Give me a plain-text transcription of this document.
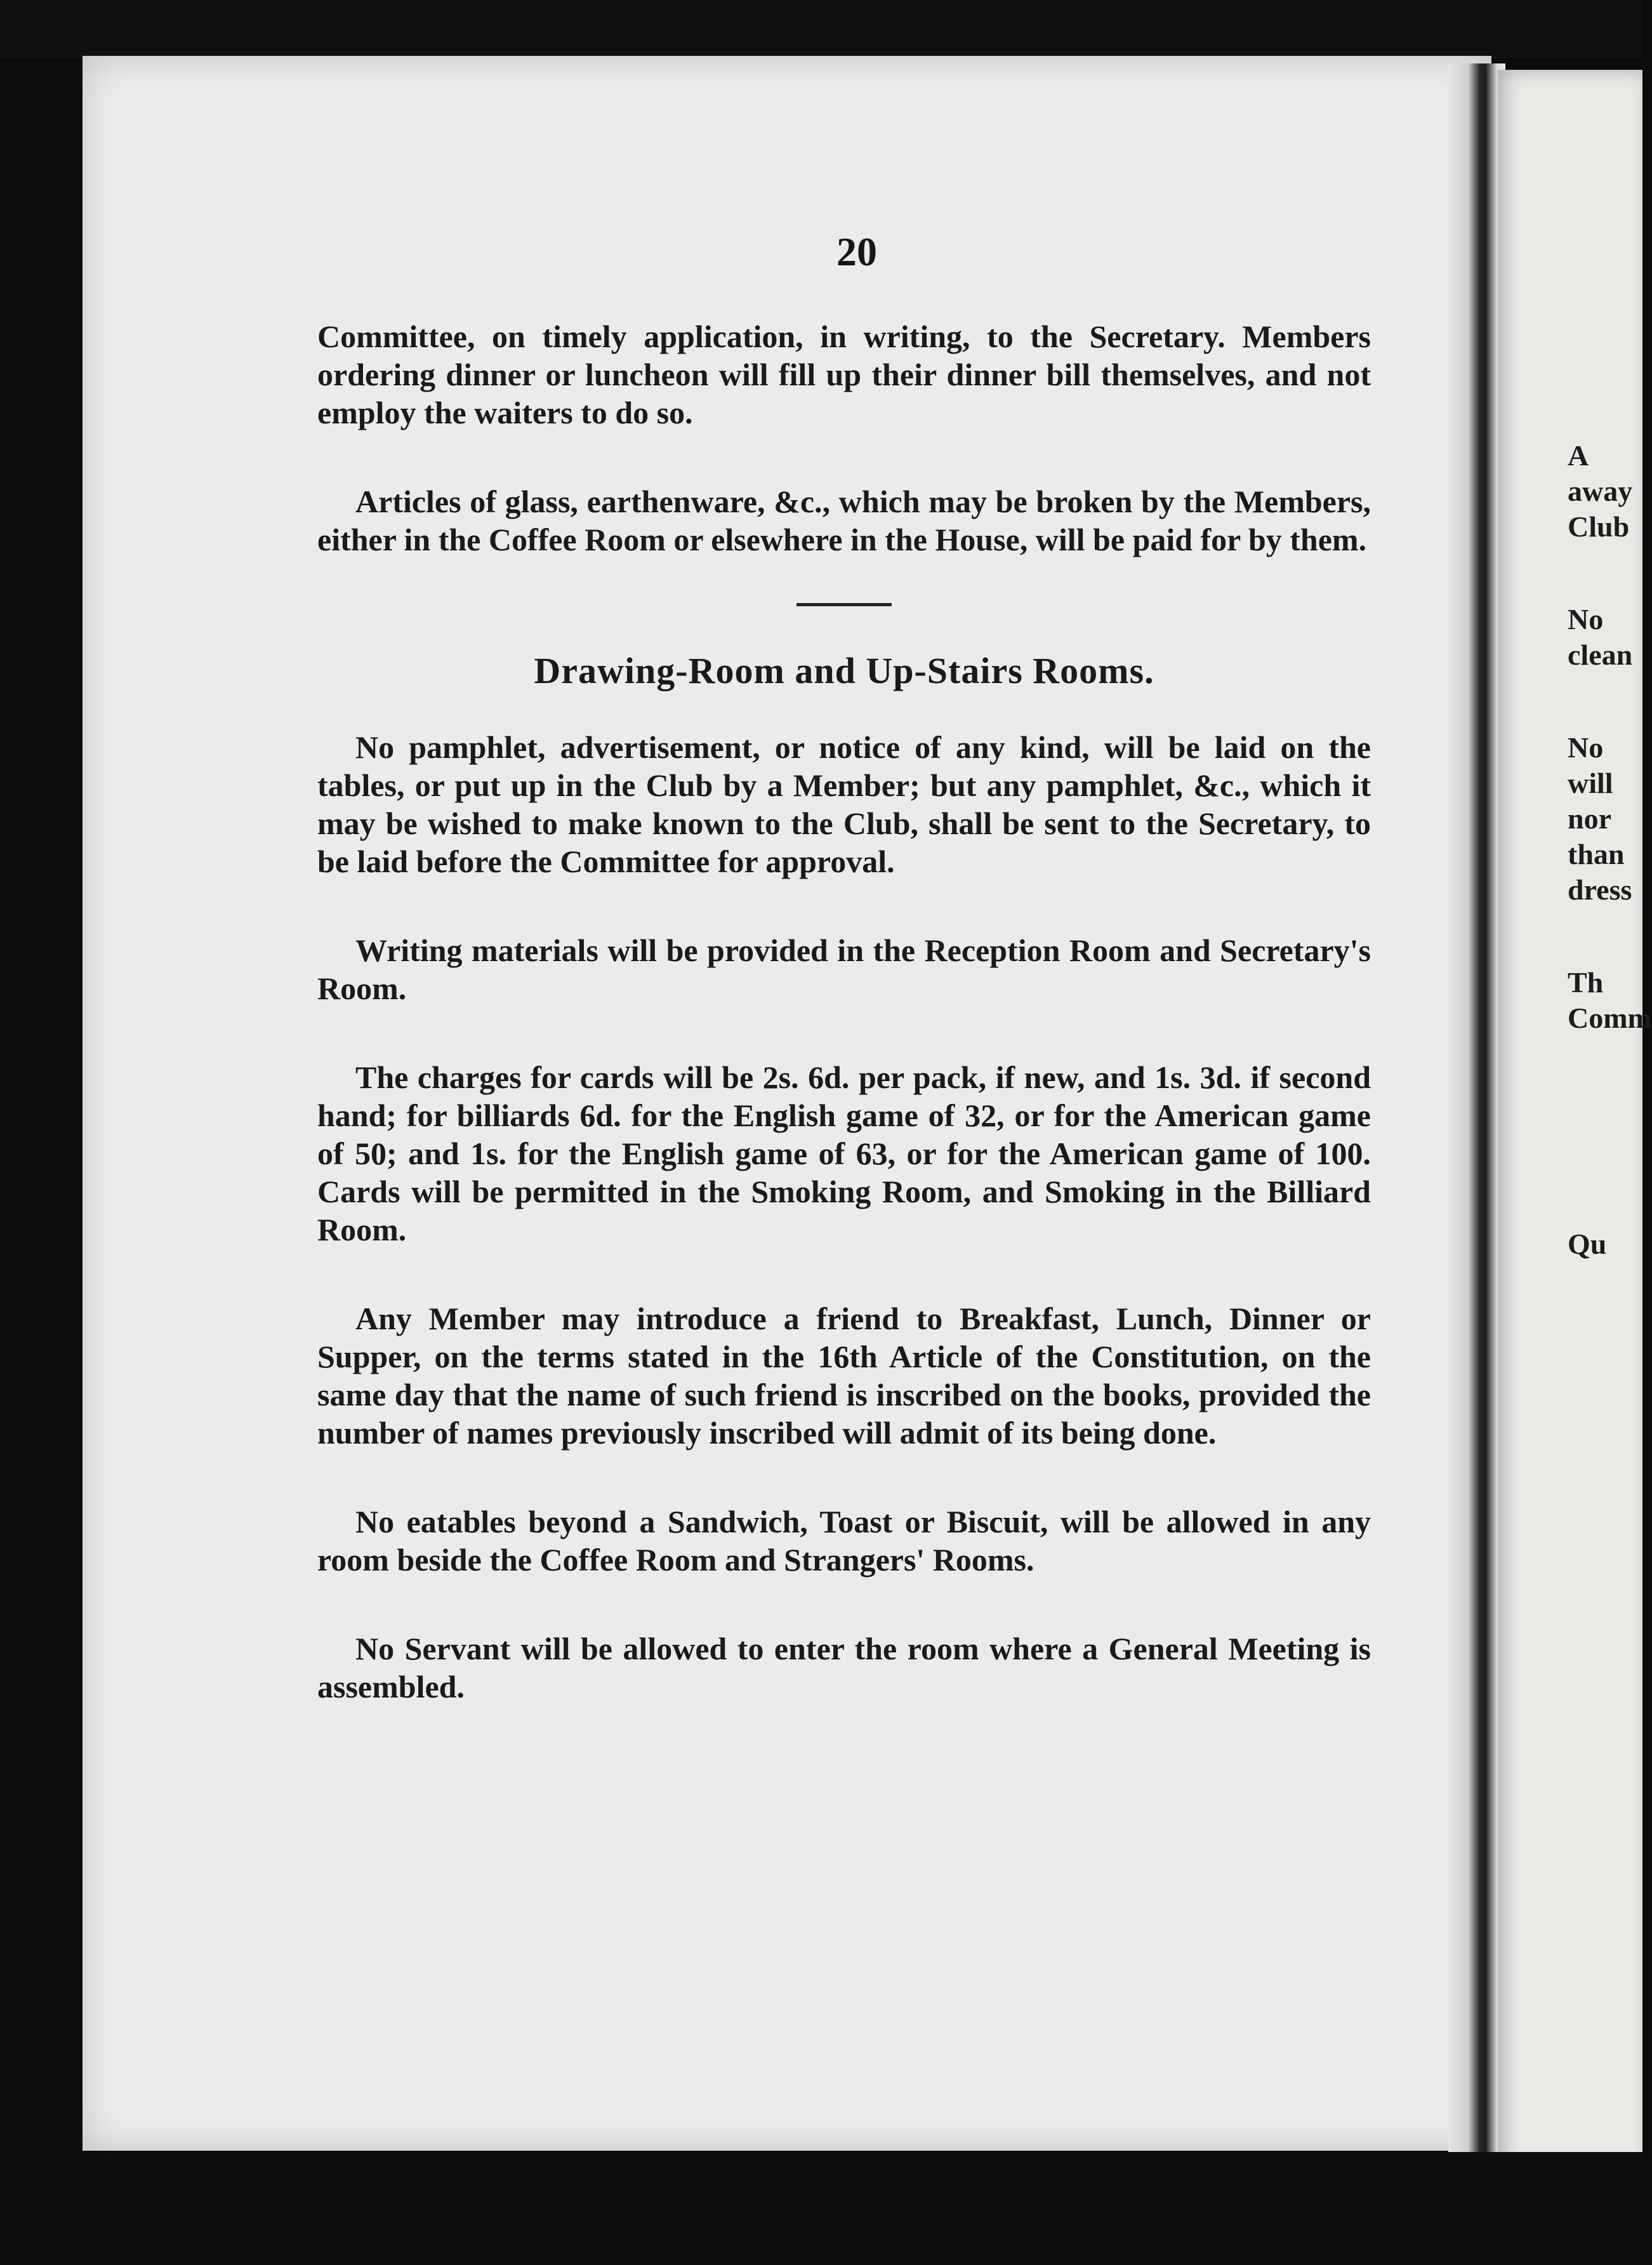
20

Committee, on timely application, in writing, to the Secretary. Members ordering dinner or luncheon will fill up their dinner bill themselves, and not employ the waiters to do so.

Articles of glass, earthenware, &c., which may be broken by the Members, either in the Coffee Room or elsewhere in the House, will be paid for by them.

Drawing-Room and Up-Stairs Rooms.

No pamphlet, advertisement, or notice of any kind, will be laid on the tables, or put up in the Club by a Member; but any pamphlet, &c., which it may be wished to make known to the Club, shall be sent to the Secretary, to be laid before the Committee for approval.

Writing materials will be provided in the Reception Room and Secretary's Room.

The charges for cards will be 2s. 6d. per pack, if new, and 1s. 3d. if second hand; for billiards 6d. for the English game of 32, or for the American game of 50; and 1s. for the English game of 63, or for the American game of 100. Cards will be permitted in the Smoking Room, and Smoking in the Billiard Room.

Any Member may introduce a friend to Breakfast, Lunch, Dinner or Supper, on the terms stated in the 16th Article of the Constitution, on the same day that the name of such friend is inscribed on the books, provided the number of names previously inscribed will admit of its being done.

No eatables beyond a Sandwich, Toast or Biscuit, will be allowed in any room beside the Coffee Room and Strangers' Rooms.

No Servant will be allowed to enter the room where a General Meeting is assembled.

A
away
Club
No
clean
No
will
nor
than
dress
Th
Comm
Qu
